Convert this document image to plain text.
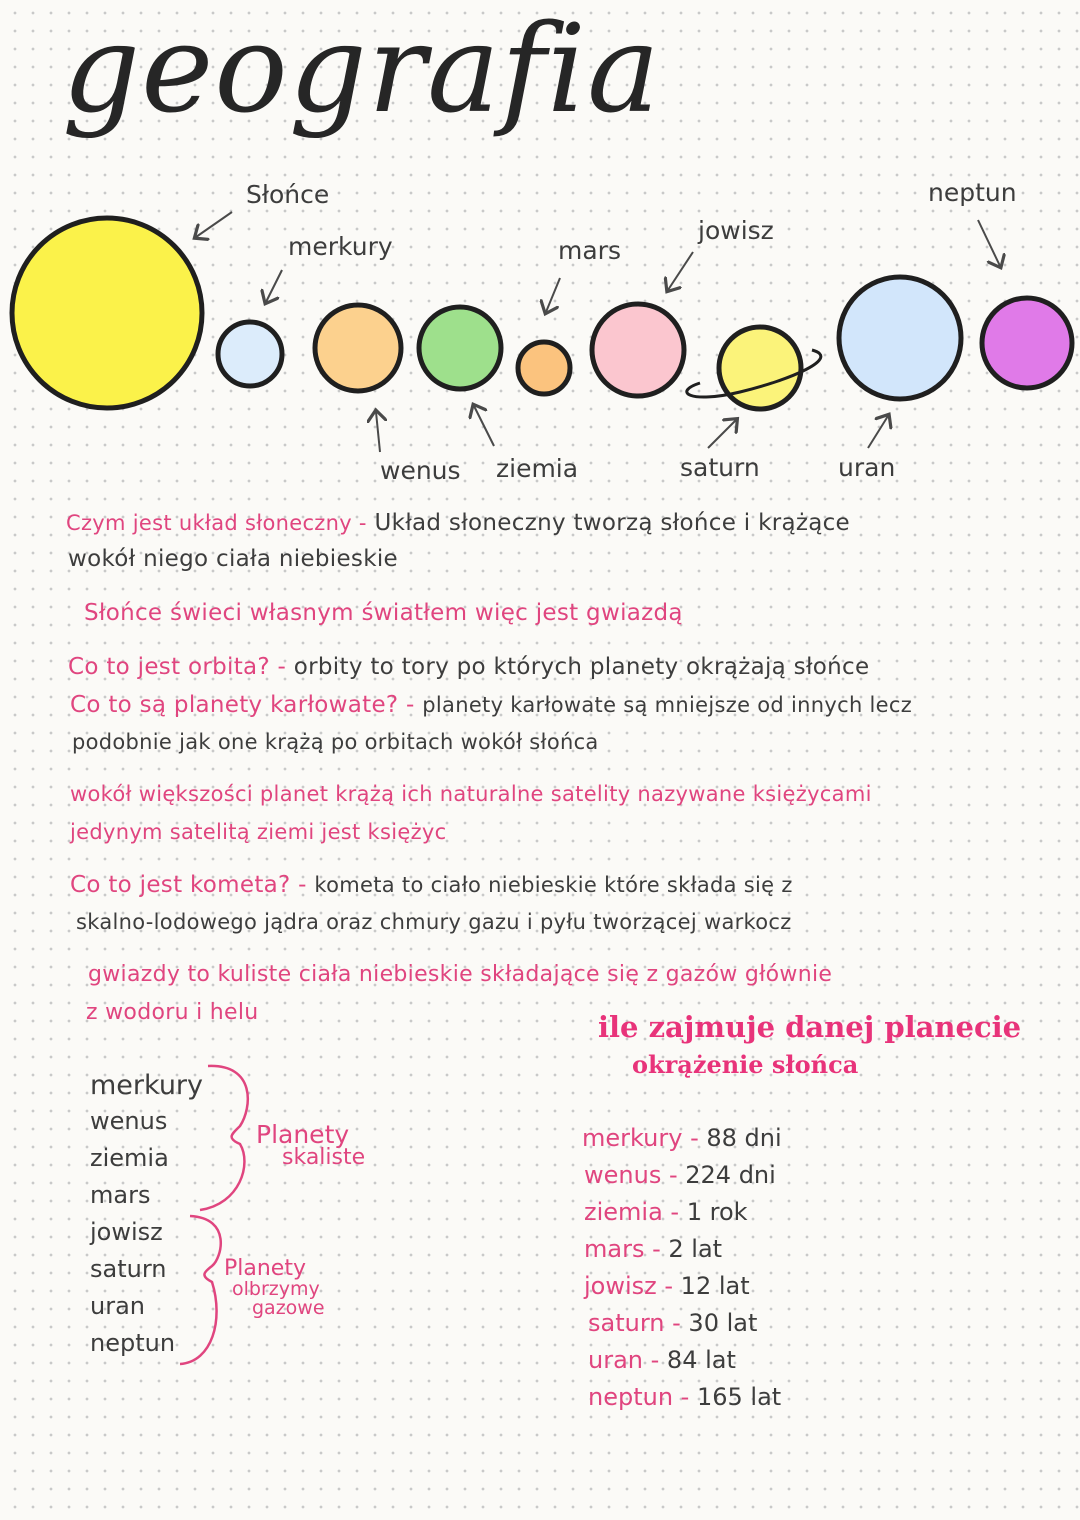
geografia
Słońce
merkury	mars
jowisz
neptun
wenus ziemia	saturn	uran
Czym jest układ słoneczny - Układ słoneczny tworzą słońce i krążące
wokół niego ciała niebieskie
Słońce świeci własnym światłem więc jest gwiazdą
Co to jest orbita? - orbity to tory po których planety okrążają słońce
Co to są planety karłowate? - planety karłowate są mniejsze od innych lecz
podobnie jak one krążą po orbitach wokół słońca
wokół większości planet krążą ich naturalne satelity nazywane księżycami
jedynym satelitą ziemi jest księżyc
Co to jest kometa? - kometa to ciało niebieskie które składa się z
skalno-lodowego jądra oraz chmury gazu i pyłu tworzącej warkocz
gwiazdy to kuliste ciała niebieskie składające się z gazów głównie
z wodoru i helu	ile zajmuje danej planecie
okrążenie słońca
merkury
wenus
ziemia
mars
jowisz
saturn
uran
neptun
Planety
skaliste
Planety
olbrzymy
gazowe
merkury - 88 dni
wenus - 224 dni
ziemia - 1 rok
mars - 2 lat
jowisz - 12 lat
saturn - 30 lat
uran - 84 lat
neptun - 165 lat
